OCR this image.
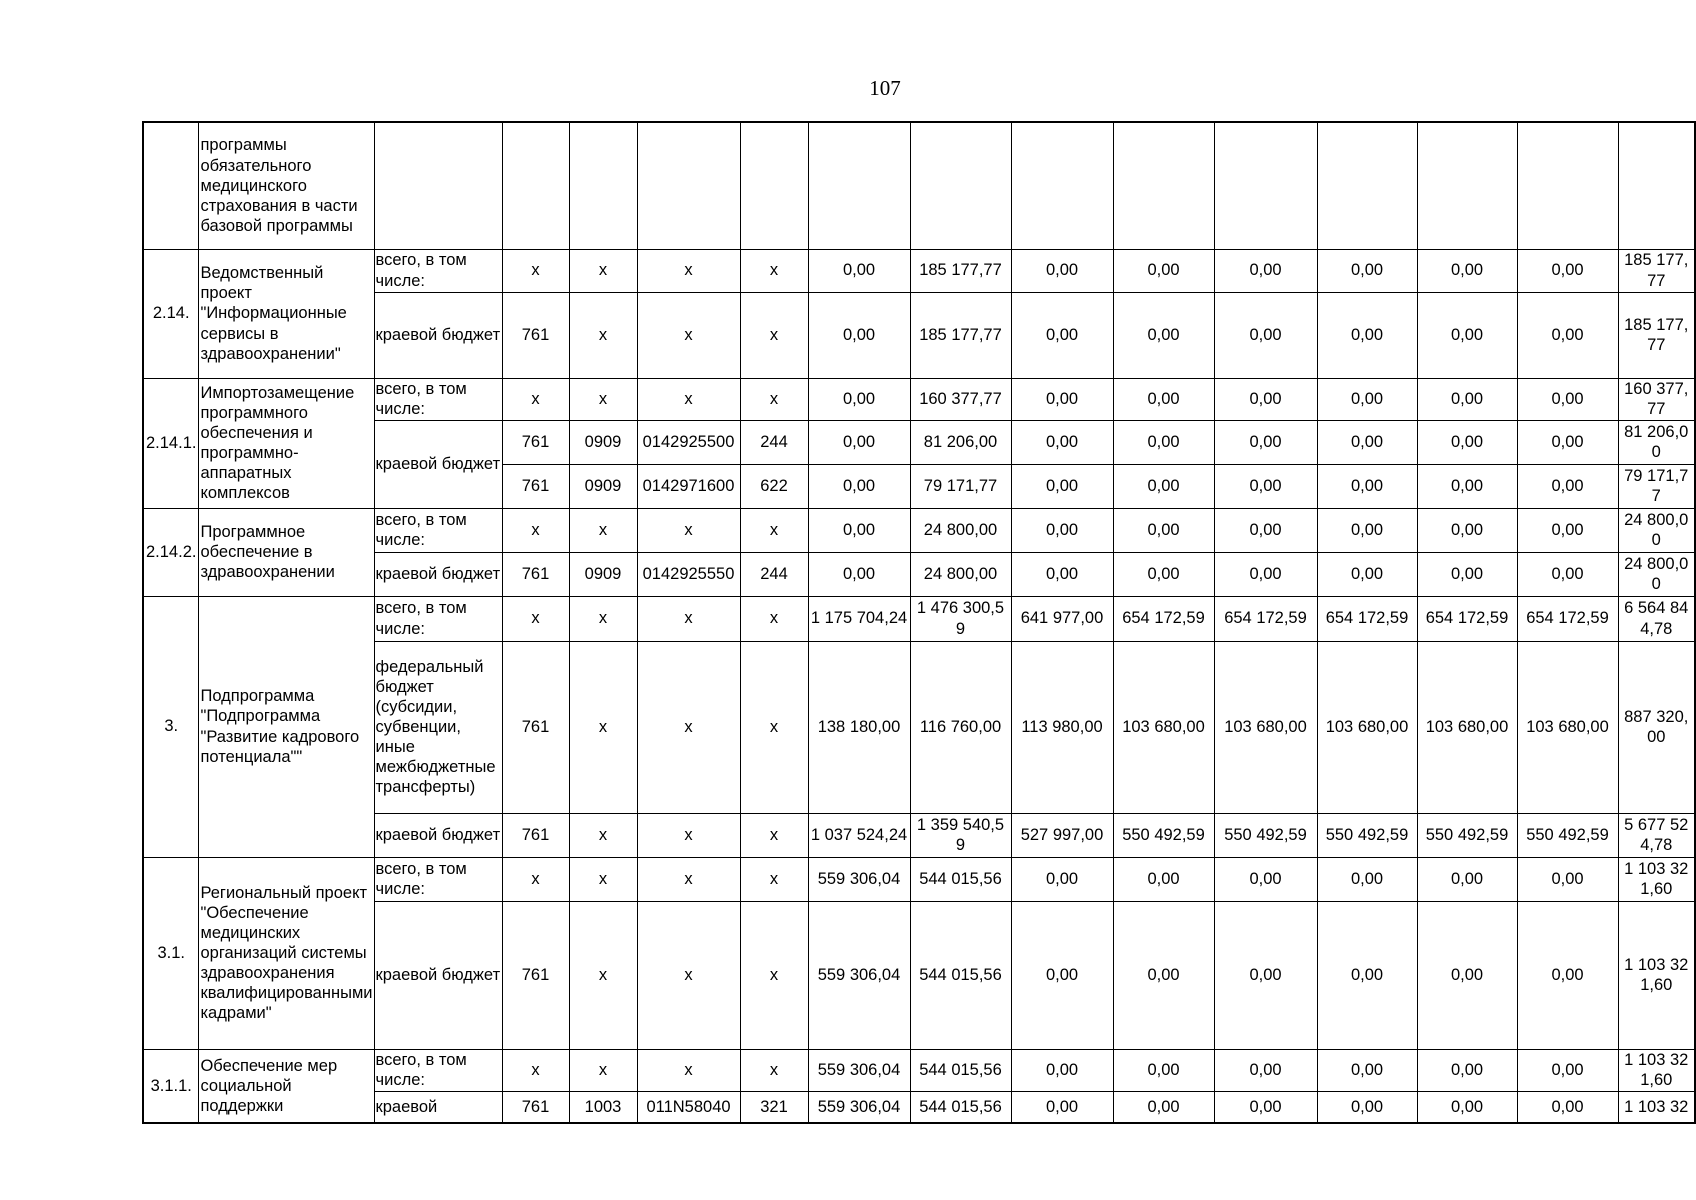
107
	программы обязательного медицинского страхования в части базовой программы														
2.14.	Ведомственный проект "Информационные сервисы в здравоохранении"	всего, в том числе:	x	x	x	x	0,00	185 177,77	0,00	0,00	0,00	0,00	0,00	0,00	185 177,77
		краевой бюджет	761	x	x	x	0,00	185 177,77	0,00	0,00	0,00	0,00	0,00	0,00	185 177,77
2.14.1.	Импортозамещение программного обеспечения и программно-аппаратных комплексов	всего, в том числе:	x	x	x	x	0,00	160 377,77	0,00	0,00	0,00	0,00	0,00	0,00	160 377,77
		краевой бюджет	761	0909	0142925500	244	0,00	81 206,00	0,00	0,00	0,00	0,00	0,00	0,00	81 206,00
			761	0909	0142971600	622	0,00	79 171,77	0,00	0,00	0,00	0,00	0,00	0,00	79 171,77
2.14.2.	Программное обеспечение в здравоохранении	всего, в том числе:	x	x	x	x	0,00	24 800,00	0,00	0,00	0,00	0,00	0,00	0,00	24 800,00
		краевой бюджет	761	0909	0142925550	244	0,00	24 800,00	0,00	0,00	0,00	0,00	0,00	0,00	24 800,00
3.	Подпрограмма "Подпрограмма "Развитие кадрового потенциала""	всего, в том числе:	x	x	x	x	1 175 704,24	1 476 300,59	641 977,00	654 172,59	654 172,59	654 172,59	654 172,59	654 172,59	6 564 844,78
		федеральный бюджет (субсидии, субвенции, иные межбюджетные трансферты)	761	x	x	x	138 180,00	116 760,00	113 980,00	103 680,00	103 680,00	103 680,00	103 680,00	103 680,00	887 320,00
		краевой бюджет	761	x	x	x	1 037 524,24	1 359 540,59	527 997,00	550 492,59	550 492,59	550 492,59	550 492,59	550 492,59	5 677 524,78
3.1.	Региональный проект "Обеспечение медицинских организаций системы здравоохранения квалифицированными кадрами"	всего, в том числе:	x	x	x	x	559 306,04	544 015,56	0,00	0,00	0,00	0,00	0,00	0,00	1 103 321,60
		краевой бюджет	761	x	x	x	559 306,04	544 015,56	0,00	0,00	0,00	0,00	0,00	0,00	1 103 321,60
3.1.1.	Обеспечение мер социальной поддержки	всего, в том числе:	x	x	x	x	559 306,04	544 015,56	0,00	0,00	0,00	0,00	0,00	0,00	1 103 321,60
		краевой	761	1003	011N58040	321	559 306,04	544 015,56	0,00	0,00	0,00	0,00	0,00	0,00	1 103 32
